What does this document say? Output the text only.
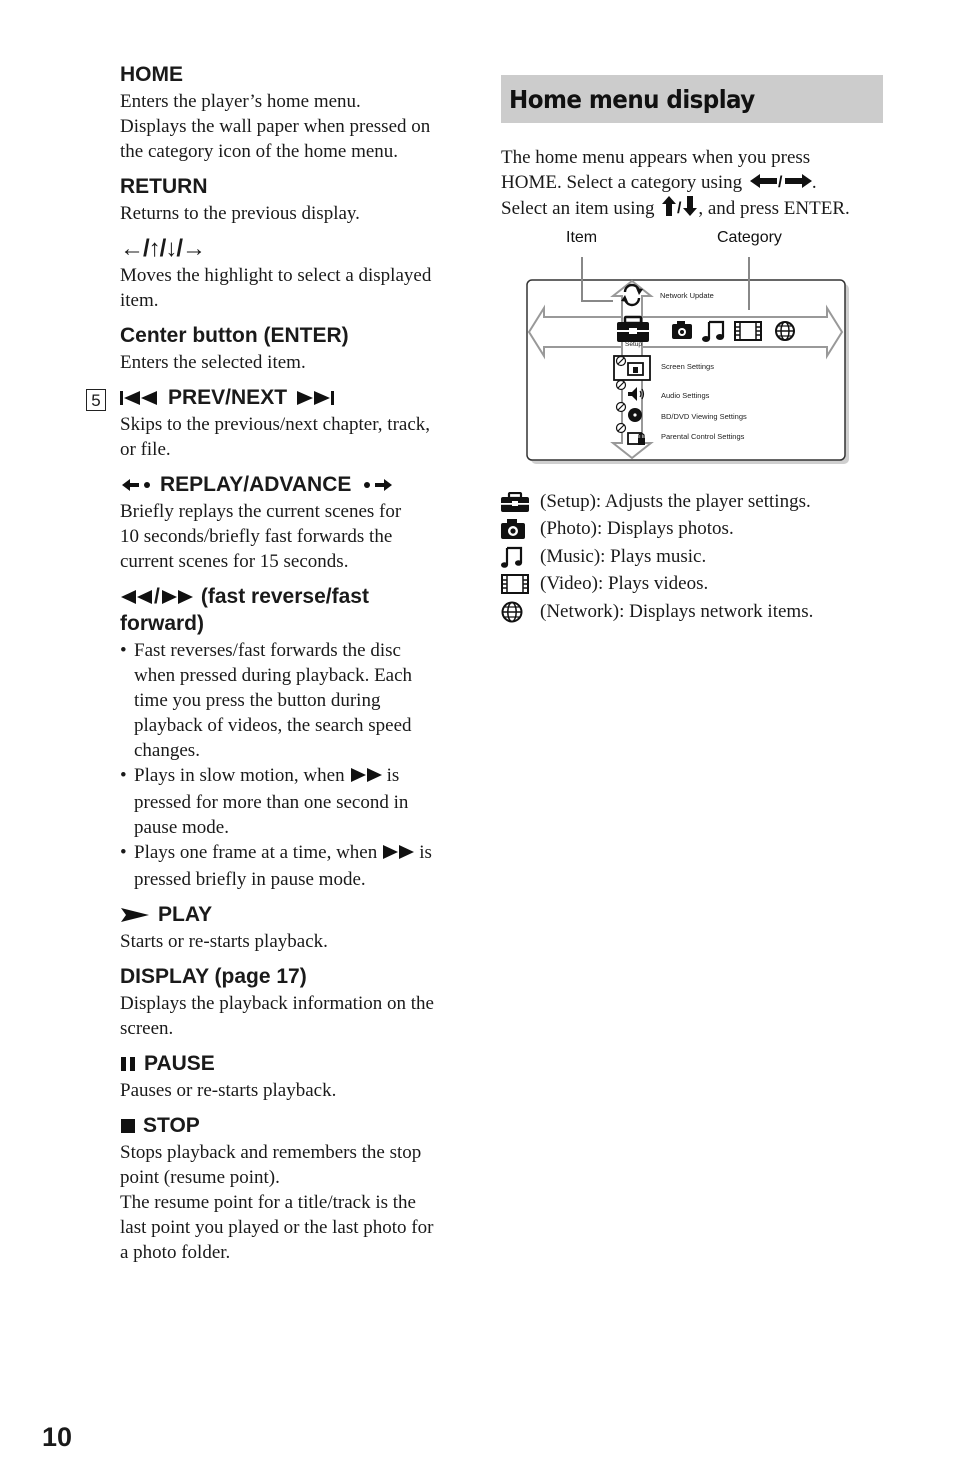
HOME

Enters the player’s home menu.

Displays the wall paper when pressed on

the category icon of the home menu.

RETURN

Returns to the previous display.

←/↑/↓/→

Moves the highlight to select a displayed

item.

Center button (ENTER)

Enters the selected item.

PREV/NEXT

Skips to the previous/next chapter, track,

or file.

REPLAY/ADVANCE

Briefly replays the current scenes for

10 seconds/briefly fast forwards the

current scenes for 15 seconds.

/ (fast reverse/fast
forward)
• Fast reverses/fast forwards the disc
when pressed during playback. Each
time you press the button during
playback of videos, the search speed
changes.
• Plays in slow motion, when is
pressed for more than one second in
pause mode.
• Plays one frame at a time, when is
pressed briefly in pause mode.
PLAY

Starts or re-starts playback.

DISPLAY (page 17)

Displays the playback information on the

screen.

PAUSE

Pauses or re-starts playback.

STOP

Stops playback and remembers the stop

point (resume point).

The resume point for a title/track is the

last point you played or the last photo for

a photo folder.

5
Home menu display

The home menu appears when you press

HOME. Select a category using / .

Select an item using / , and press ENTER.

Item	Category
Network Update
Setup
Screen Settings
Audio Settings
BD/DVD Viewing Settings
Parental Control Settings
(Setup): Adjusts the player settings.
(Photo): Displays photos.
(Music): Plays music.
(Video): Plays videos.
(Network): Displays network items.
10
